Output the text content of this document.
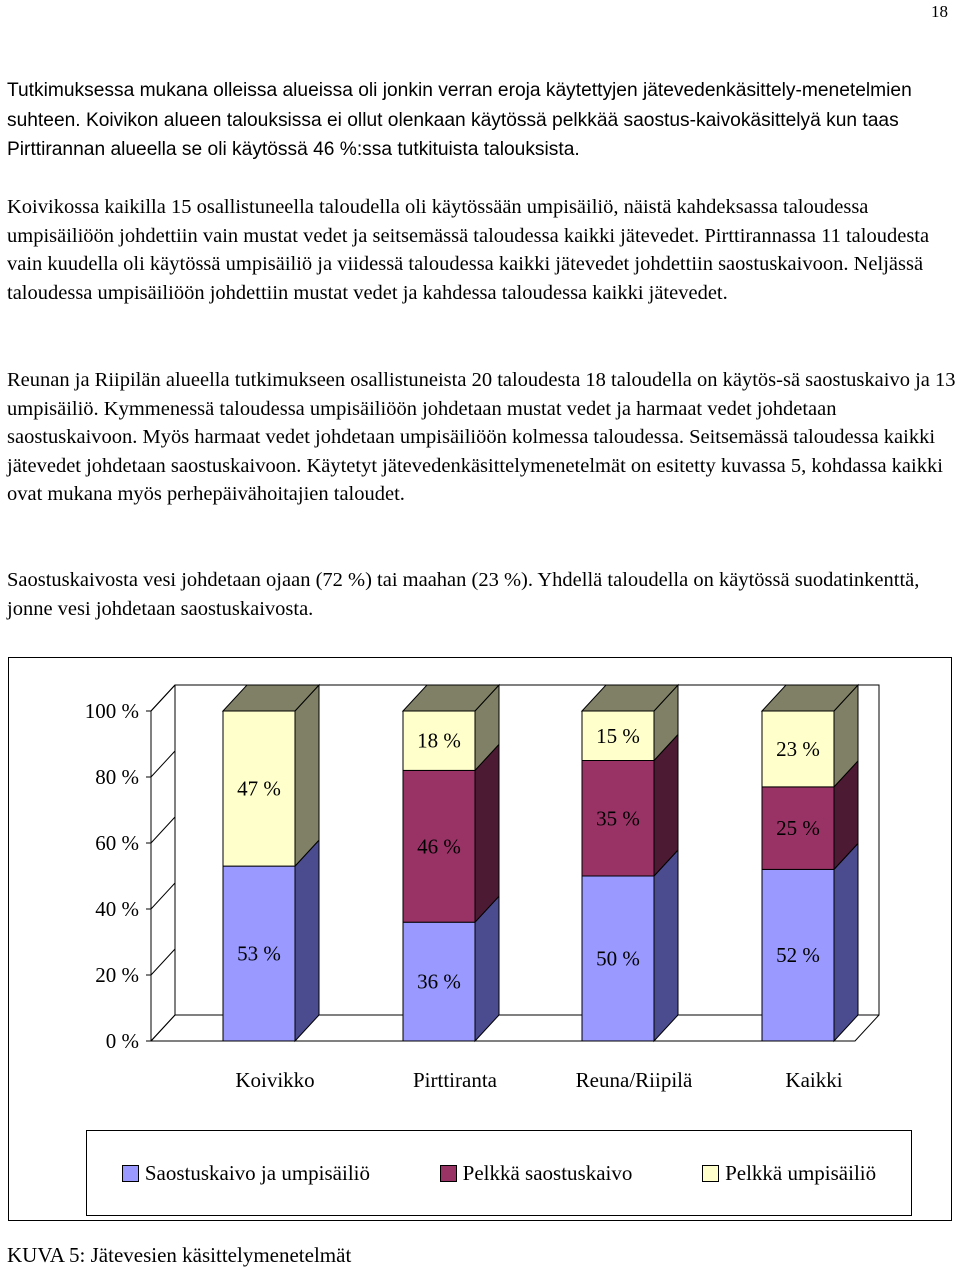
18

Tutkimuksessa mukana olleissa alueissa oli jonkin verran eroja käytettyjen jätevedenkäsittely-menetelmien suhteen. Koivikon alueen talouksissa ei ollut olenkaan käytössä pelkkää saostus-kaivokäsittelyä kun taas Pirttirannan alueella se oli käytössä 46 %:ssa tutkituista talouksista.

Koivikossa kaikilla 15 osallistuneella taloudella oli käytössään umpisäiliö, näistä kahdeksassa taloudessa umpisäiliöön johdettiin vain mustat vedet ja seitsemässä taloudessa kaikki jätevedet. Pirttirannassa 11 taloudesta vain kuudella oli käytössä umpisäiliö ja viidessä taloudessa kaikki jätevedet johdettiin saostuskaivoon. Neljässä taloudessa umpisäiliöön johdettiin mustat vedet ja kahdessa taloudessa kaikki jätevedet.

Reunan ja Riipilän alueella tutkimukseen osallistuneista 20 taloudesta 18 taloudella on käytös-sä saostuskaivo ja 13 umpisäiliö. Kymmenessä taloudessa umpisäiliöön johdetaan mustat vedet ja harmaat vedet johdetaan saostuskaivoon. Myös harmaat vedet johdetaan umpisäiliöön kolmessa taloudessa. Seitsemässä taloudessa kaikki jätevedet johdetaan saostuskaivoon. Käytetyt jätevedenkäsittelymenetelmät on esitetty kuvassa 5, kohdassa kaikki ovat mukana myös perhepäivähoitajien taloudet.

Saostuskaivosta vesi johdetaan ojaan (72 %) tai maahan (23 %). Yhdellä taloudella on käytössä suodatinkenttä, jonne vesi johdetaan saostuskaivosta.

0 %
20 %
40 %
60 %
80 %
100 %
53 %
47 %
Koivikko
36 %
46 %
18 %
Pirttiranta
50 %
35 %
15 %
Reuna/Riipilä
52 %
25 %
23 %
Kaikki
Saostuskaivo ja umpisäiliö	Pelkkä saostuskaivo	Pelkkä umpisäiliö
KUVA 5: Jätevesien käsittelymenetelmät
